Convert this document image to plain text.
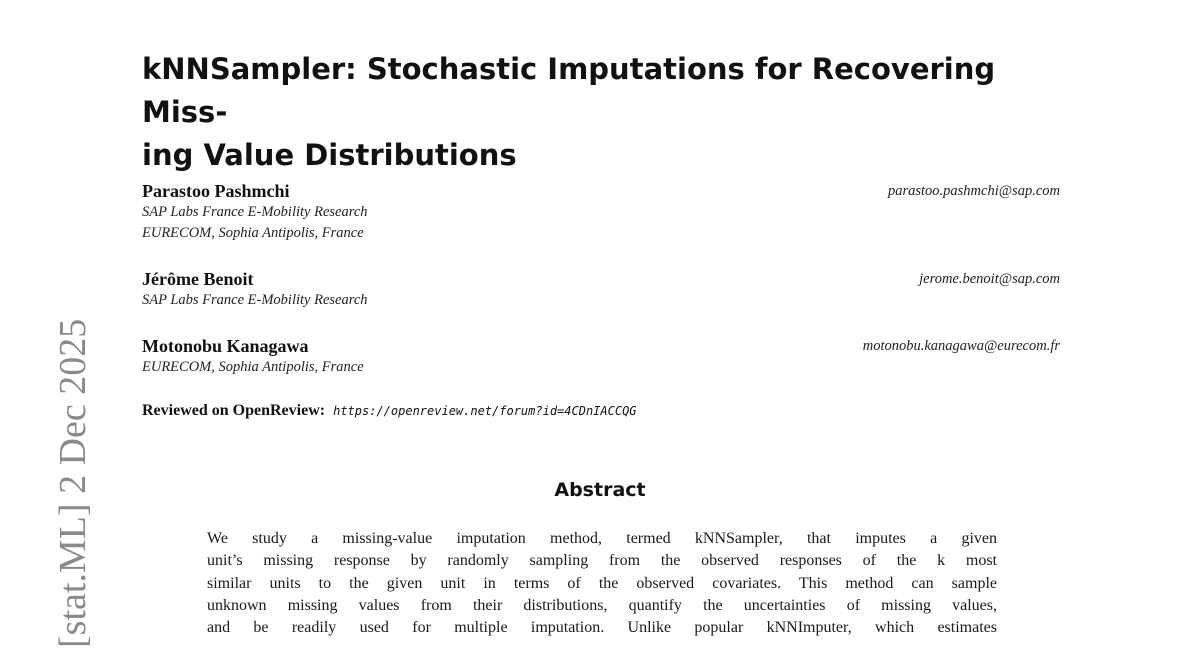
[stat.ML] 2 Dec 2025
kNNSampler: Stochastic Imputations for Recovering Miss-
ing Value Distributions
Parastoo Pashmchi
SAP Labs France E-Mobility Research
EURECOM, Sophia Antipolis, France
parastoo.pashmchi@sap.com
Jérôme Benoit
SAP Labs France E-Mobility Research
jerome.benoit@sap.com
Motonobu Kanagawa
EURECOM, Sophia Antipolis, France
motonobu.kanagawa@eurecom.fr
Reviewed on OpenReview: https://openreview.net/forum?id=4CDnIACCQG
Abstract
We study a missing-value imputation method, termed kNNSampler, that imputes a given
unit’s missing response by randomly sampling from the observed responses of the k most
similar units to the given unit in terms of the observed covariates. This method can sample
unknown missing values from their distributions, quantify the uncertainties of missing values,
and be readily used for multiple imputation. Unlike popular kNNImputer, which estimates
